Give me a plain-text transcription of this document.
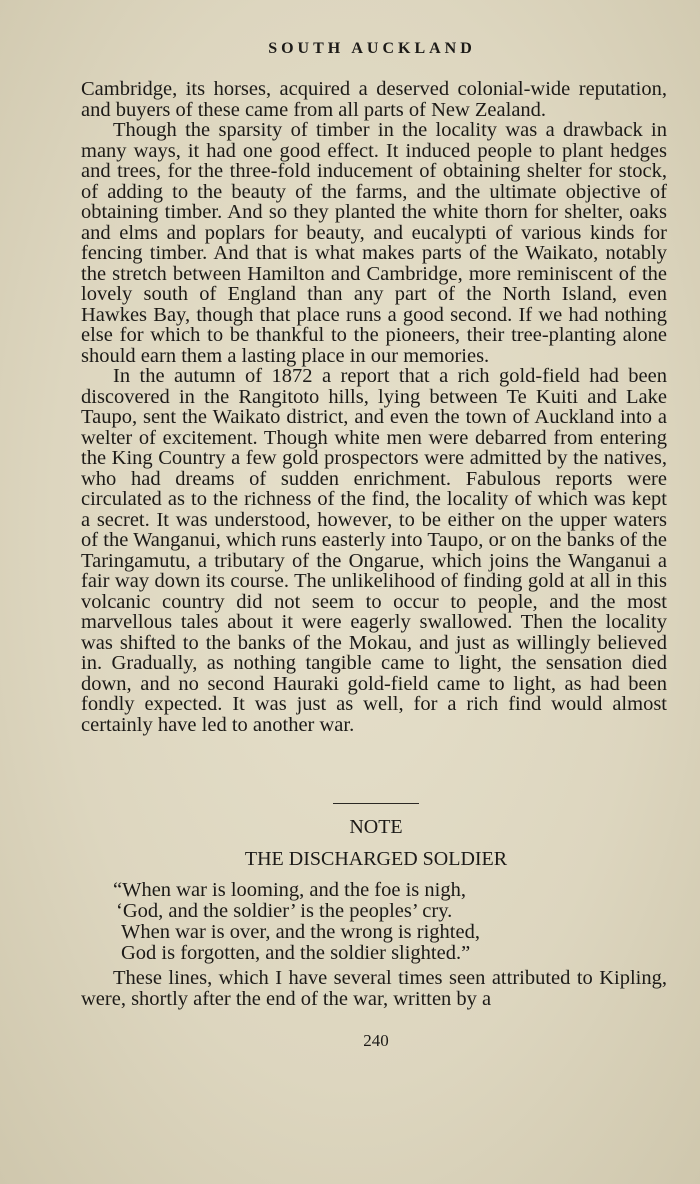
SOUTH AUCKLAND

Cambridge, its horses, acquired a deserved colonial-wide reputation, and buyers of these came from all parts of New Zealand.

Though the sparsity of timber in the locality was a drawback in many ways, it had one good effect. It induced people to plant hedges and trees, for the three-fold inducement of obtaining shelter for stock, of adding to the beauty of the farms, and the ultimate objective of obtaining timber. And so they planted the white thorn for shelter, oaks and elms and poplars for beauty, and eucalypti of various kinds for fencing timber. And that is what makes parts of the Waikato, notably the stretch between Hamilton and Cambridge, more reminiscent of the lovely south of England than any part of the North Island, even Hawkes Bay, though that place runs a good second. If we had nothing else for which to be thankful to the pioneers, their tree-planting alone should earn them a lasting place in our memories.

In the autumn of 1872 a report that a rich gold-field had been discovered in the Rangitoto hills, lying between Te Kuiti and Lake Taupo, sent the Waikato district, and even the town of Auckland into a welter of excitement. Though white men were debarred from entering the King Country a few gold prospectors were admitted by the natives, who had dreams of sudden enrichment. Fabulous reports were circulated as to the richness of the find, the locality of which was kept a secret. It was understood, however, to be either on the upper waters of the Wanganui, which runs easterly into Taupo, or on the banks of the Taringamutu, a tributary of the Ongarue, which joins the Wanganui a fair way down its course. The unlikelihood of finding gold at all in this volcanic country did not seem to occur to people, and the most marvellous tales about it were eagerly swallowed. Then the locality was shifted to the banks of the Mokau, and just as willingly believed in. Gradually, as nothing tangible came to light, the sensation died down, and no second Hauraki gold-field came to light, as had been fondly expected. It was just as well, for a rich find would almost certainly have led to another war.

NOTE
THE DISCHARGED SOLDIER
“When war is looming, and the foe is nigh,
‘God, and the soldier’ is the peoples’ cry.
When war is over, and the wrong is righted,
God is forgotten, and the soldier slighted.”

These lines, which I have several times seen attributed to Kipling, were, shortly after the end of the war, written by a

240
